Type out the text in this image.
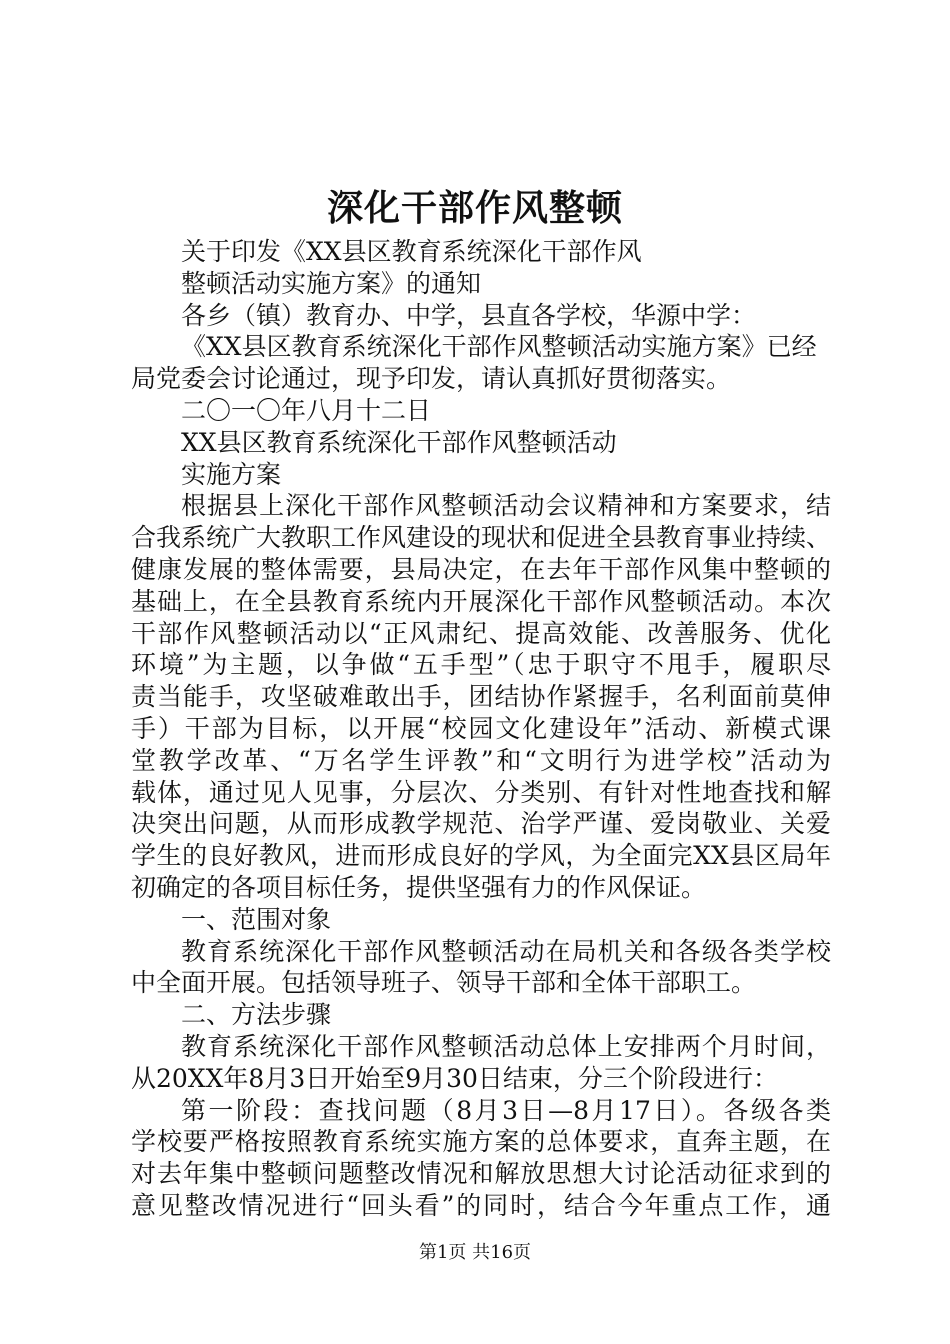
深化干部作风整顿
关于印发《XX县区教育系统深化干部作风
整顿活动实施方案》的通知
各乡（镇）教育办、中学，县直各学校，华源中学：
《XX县区教育系统深化干部作风整顿活动实施方案》已经
局党委会讨论通过，现予印发，请认真抓好贯彻落实。
二〇一〇年八月十二日
XX县区教育系统深化干部作风整顿活动
实施方案
根据县上深化干部作风整顿活动会议精神和方案要求，结
合我系统广大教职工作风建设的现状和促进全县教育事业持续、
健康发展的整体需要，县局决定，在去年干部作风集中整顿的
基础上，在全县教育系统内开展深化干部作风整顿活动。本次
干部作风整顿活动以“正风肃纪、提高效能、改善服务、优化
环境”为主题，以争做“五手型”（忠于职守不甩手，履职尽
责当能手，攻坚破难敢出手，团结协作紧握手，名利面前莫伸
手）干部为目标，以开展“校园文化建设年”活动、新模式课
堂教学改革、“万名学生评教”和“文明行为进学校”活动为
载体，通过见人见事，分层次、分类别、有针对性地查找和解
决突出问题，从而形成教学规范、治学严谨、爱岗敬业、关爱
学生的良好教风，进而形成良好的学风，为全面完XX县区局年
初确定的各项目标任务，提供坚强有力的作风保证。
一、范围对象
教育系统深化干部作风整顿活动在局机关和各级各类学校
中全面开展。包括领导班子、领导干部和全体干部职工。
二、方法步骤
教育系统深化干部作风整顿活动总体上安排两个月时间，
从20XX年8月3日开始至9月30日结束，分三个阶段进行：
第一阶段：查找问题（8月3日—8月17日）。各级各类
学校要严格按照教育系统实施方案的总体要求，直奔主题，在
对去年集中整顿问题整改情况和解放思想大讨论活动征求到的
意见整改情况进行“回头看”的同时，结合今年重点工作，通
第1页 共16页
